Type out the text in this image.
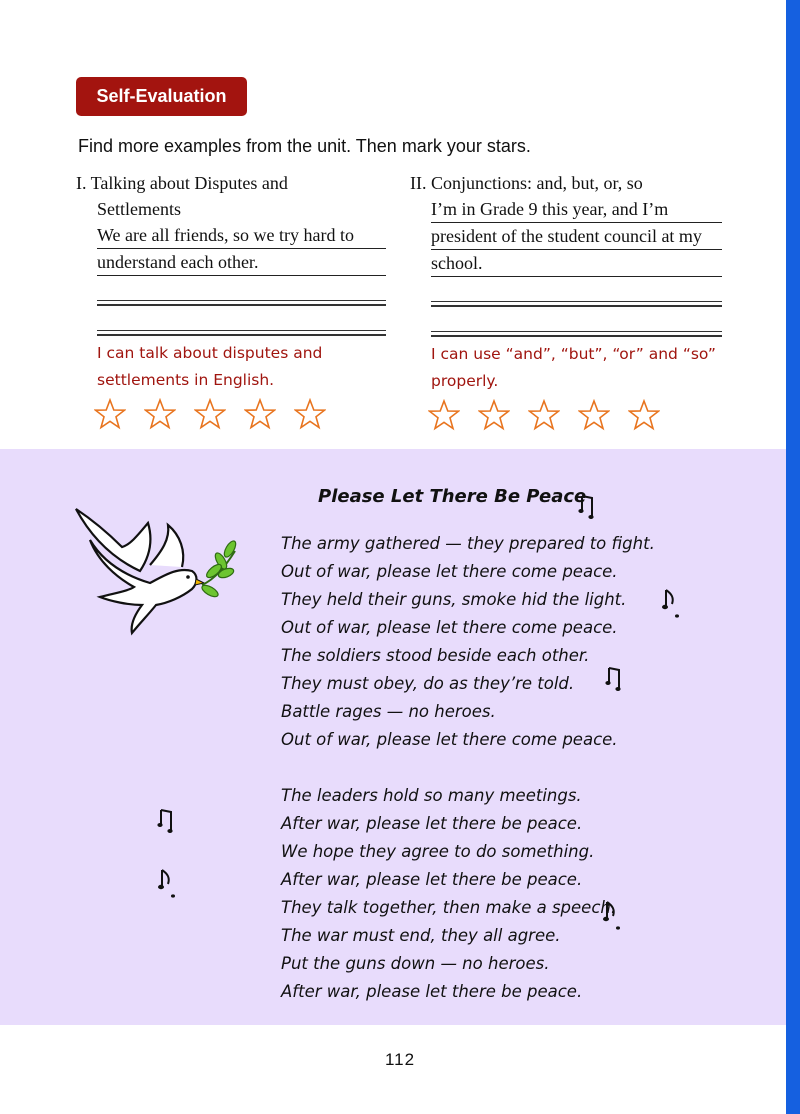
Self-Evaluation
Find more examples from the unit. Then mark your stars.
I. Talking about Disputes and
Settlements
We are all friends, so we try hard to
understand each other.
I can talk about disputes and
settlements in English.
II. Conjunctions: and, but, or, so
I’m in Grade 9 this year, and I’m
president of the student council at my
school.
I can use “and”, “but”, “or” and “so”
properly.
Please Let There Be Peace
The army gathered — they prepared to fight.
Out of war, please let there come peace.
They held their guns, smoke hid the light.
Out of war, please let there come peace.
The soldiers stood beside each other.
They must obey, do as they’re told.
Battle rages — no heroes.
Out of war, please let there come peace.
The leaders hold so many meetings.
After war, please let there be peace.
We hope they agree to do something.
After war, please let there be peace.
They talk together, then make a speech.
The war must end, they all agree.
Put the guns down — no heroes.
After war, please let there be peace.
112
